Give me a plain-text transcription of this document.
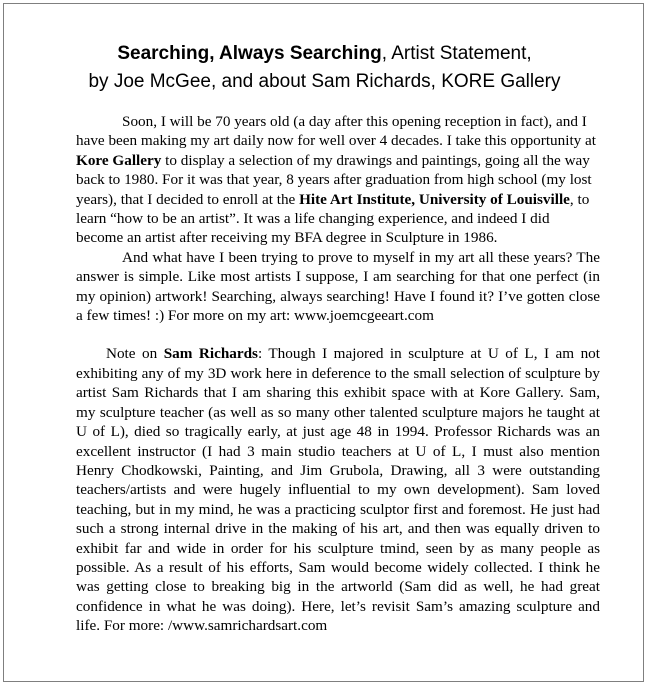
Searching, Always Searching, Artist Statement,
by Joe McGee, and about Sam Richards, KORE Gallery

Soon, I will be 70 years old (a day after this opening reception in fact), and I have been making my art daily now for well over 4 decades. I take this opportunity at Kore Gallery to display a selection of my drawings and paintings, going all the way back to 1980. For it was that year, 8 years after graduation from high school (my lost years), that I decided to enroll at the Hite Art Institute, University of Louisville, to learn “how to be an artist”. It was a life changing experience, and indeed I did become an artist after receiving my BFA degree in Sculpture in 1986.

And what have I been trying to prove to myself in my art all these years? The answer is simple. Like most artists I suppose, I am searching for that one perfect (in my opinion) artwork! Searching, always searching! Have I found it? I’ve gotten close a few times! :) For more on my art: www.joemcgeeart.com

Note on Sam Richards: Though I majored in sculpture at U of L, I am not exhibiting any of my 3D work here in deference to the small selection of sculpture by artist Sam Richards that I am sharing this exhibit space with at Kore Gallery. Sam, my sculpture teacher (as well as so many other talented sculpture majors he taught at U of L), died so tragically early, at just age 48 in 1994. Professor Richards was an excellent instructor (I had 3 main studio teachers at U of L, I must also mention Henry Chodkowski, Painting, and Jim Grubola, Drawing, all 3 were outstanding teachers/artists and were hugely influential to my own development). Sam loved teaching, but in my mind, he was a practicing sculptor first and foremost. He just had such a strong internal drive in the making of his art, and then was equally driven to exhibit far and wide in order for his sculpture tmind, seen by as many people as possible. As a result of his efforts, Sam would become widely collected. I think he was getting close to breaking big in the artworld (Sam did as well, he had great confidence in what he was doing). Here, let’s revisit Sam’s amazing sculpture and life. For more: /www.samrichardsart.com
